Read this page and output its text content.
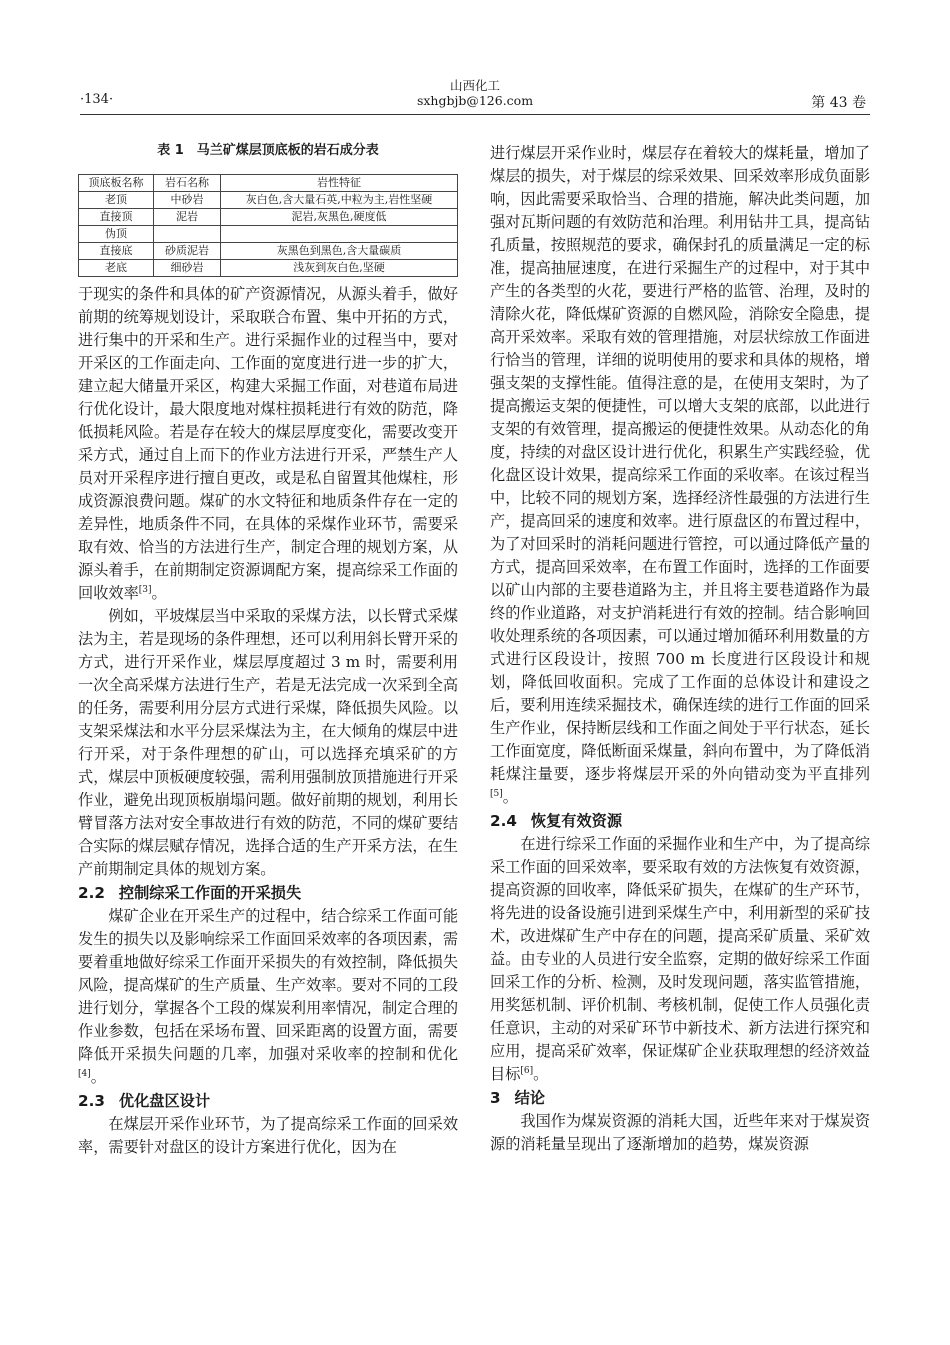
·134·
山西化工
sxhgbjb@126.com	第 43 卷
表 1　马兰矿煤层顶底板的岩石成分表
顶底板名称	岩石名称	岩性特征
老顶	中砂岩	灰白色,含大量石英,中粒为主,岩性坚硬
直接顶	泥岩	泥岩,灰黑色,硬度低
伪顶		
直接底	砂质泥岩	灰黑色到黑色,含大量碳质
老底	细砂岩	浅灰到灰白色,坚硬

于现实的条件和具体的矿产资源情况，从源头着手，做好前期的统筹规划设计，采取联合布置、集中开拓的方式，进行集中的开采和生产。进行采掘作业的过程当中，要对开采区的工作面走向、工作面的宽度进行进一步的扩大，建立起大储量开采区，构建大采掘工作面，对巷道布局进行优化设计，最大限度地对煤柱损耗进行有效的防范，降低损耗风险。若是存在较大的煤层厚度变化，需要改变开采方式，通过自上而下的作业方法进行开采，严禁生产人员对开采程序进行擅自更改，或是私自留置其他煤柱，形成资源浪费问题。煤矿的水文特征和地质条件存在一定的差异性，地质条件不同，在具体的采煤作业环节，需要采取有效、恰当的方法进行生产，制定合理的规划方案，从源头着手，在前期制定资源调配方案，提高综采工作面的回收效率[3]。

例如，平坡煤层当中采取的采煤方法，以长臂式采煤法为主，若是现场的条件理想，还可以利用斜长臂开采的方式，进行开采作业，煤层厚度超过 3 m 时，需要利用一次全高采煤方法进行生产，若是无法完成一次采到全高的任务，需要利用分层方式进行采煤，降低损失风险。以支架采煤法和水平分层采煤法为主，在大倾角的煤层中进行开采，对于条件理想的矿山，可以选择充填采矿的方式，煤层中顶板硬度较强，需利用强制放顶措施进行开采作业，避免出现顶板崩塌问题。做好前期的规划，利用长臂冒落方法对安全事故进行有效的防范，不同的煤矿要结合实际的煤层赋存情况，选择合适的生产开采方法，在生产前期制定具体的规划方案。

2.2 控制综采工作面的开采损失

煤矿企业在开采生产的过程中，结合综采工作面可能发生的损失以及影响综采工作面回采效率的各项因素，需要着重地做好综采工作面开采损失的有效控制，降低损失风险，提高煤矿的生产质量、生产效率。要对不同的工段进行划分，掌握各个工段的煤炭利用率情况，制定合理的作业参数，包括在采场布置、回采距离的设置方面，需要降低开采损失问题的几率，加强对采收率的控制和优化[4]。

2.3 优化盘区设计

在煤层开采作业环节，为了提高综采工作面的回采效率，需要针对盘区的设计方案进行优化，因为在

进行煤层开采作业时，煤层存在着较大的煤耗量，增加了煤层的损失，对于煤层的综采效果、回采效率形成负面影响，因此需要采取恰当、合理的措施，解决此类问题，加强对瓦斯问题的有效防范和治理。利用钻井工具，提高钻孔质量，按照规范的要求，确保封孔的质量满足一定的标准，提高抽屉速度，在进行采掘生产的过程中，对于其中产生的各类型的火花，要进行严格的监管、治理，及时的清除火花，降低煤矿资源的自燃风险，消除安全隐患，提高开采效率。采取有效的管理措施，对层状综放工作面进行恰当的管理，详细的说明使用的要求和具体的规格，增强支架的支撑性能。值得注意的是，在使用支架时，为了提高搬运支架的便捷性，可以增大支架的底部，以此进行支架的有效管理，提高搬运的便捷性效果。从动态化的角度，持续的对盘区设计进行优化，积累生产实践经验，优化盘区设计效果，提高综采工作面的采收率。在该过程当中，比较不同的规划方案，选择经济性最强的方法进行生产，提高回采的速度和效率。进行原盘区的布置过程中，为了对回采时的消耗问题进行管控，可以通过降低产量的方式，提高回采效率，在布置工作面时，选择的工作面要以矿山内部的主要巷道路为主，并且将主要巷道路作为最终的作业道路，对支护消耗进行有效的控制。结合影响回收处理系统的各项因素，可以通过增加循环利用数量的方式进行区段设计，按照 700 m 长度进行区段设计和规划，降低回收面积。完成了工作面的总体设计和建设之后，要利用连续采掘技术，确保连续的进行工作面的回采生产作业，保持断层线和工作面之间处于平行状态，延长工作面宽度，降低断面采煤量，斜向布置中，为了降低消耗煤注量要，逐步将煤层开采的外向错动变为平直排列[5]。

2.4 恢复有效资源

在进行综采工作面的采掘作业和生产中，为了提高综采工作面的回采效率，要采取有效的方法恢复有效资源，提高资源的回收率，降低采矿损失，在煤矿的生产环节，将先进的设备设施引进到采煤生产中，利用新型的采矿技术，改进煤矿生产中存在的问题，提高采矿质量、采矿效益。由专业的人员进行安全监察，定期的做好综采工作面回采工作的分析、检测，及时发现问题，落实监管措施，用奖惩机制、评价机制、考核机制，促使工作人员强化责任意识，主动的对采矿环节中新技术、新方法进行探究和应用，提高采矿效率，保证煤矿企业获取理想的经济效益目标[6]。

3 结论

我国作为煤炭资源的消耗大国，近些年来对于煤炭资源的消耗量呈现出了逐渐增加的趋势，煤炭资源
